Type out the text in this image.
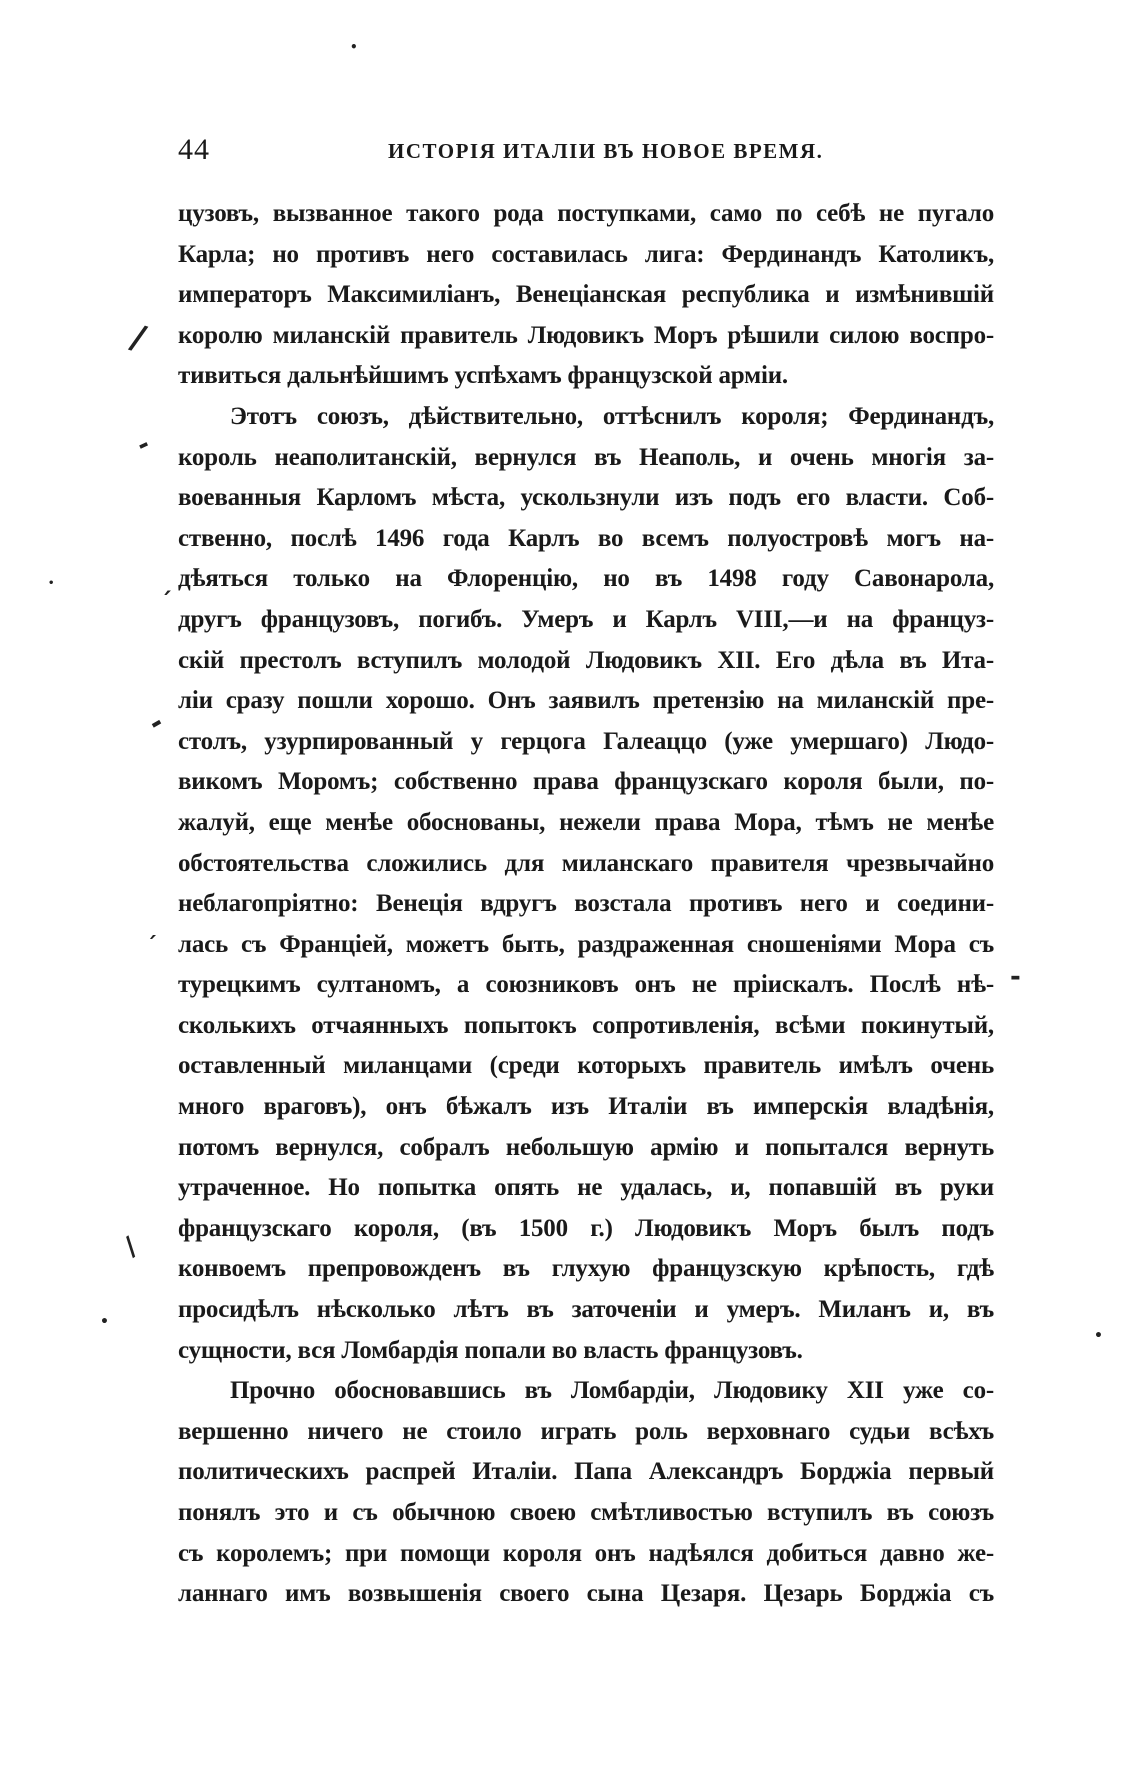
44	ИСТОРІЯ ИТАЛІИ ВЪ НОВОЕ ВРЕМЯ.
цузовъ, вызванное такого рода поступками, само по себѣ не пугало
Карла; но противъ него составилась лига: Фердинандъ Католикъ,
императоръ Максимиліанъ, Венеціанская республика и измѣнившій
королю миланскій правитель Людовикъ Моръ рѣшили силою воспро-
тивиться дальнѣйшимъ успѣхамъ французской арміи.
Этотъ союзъ, дѣйствительно, оттѣснилъ короля; Фердинандъ,
король неаполитанскій, вернулся въ Неаполь, и очень многія за-
воеванныя Карломъ мѣста, ускользнули изъ подъ его власти. Соб-
ственно, послѣ 1496 года Карлъ во всемъ полуостровѣ могъ на-
дѣяться только на Флоренцію, но въ 1498 году Савонарола,
другъ французовъ, погибъ. Умеръ и Карлъ VIII,—и на француз-
скій престолъ вступилъ молодой Людовикъ XII. Его дѣла въ Ита-
ліи сразу пошли хорошо. Онъ заявилъ претензію на миланскій пре-
столъ, узурпированный у герцога Галеаццо (уже умершаго) Людо-
викомъ Моромъ; собственно права французскаго короля были, по-
жалуй, еще менѣе обоснованы, нежели права Мора, тѣмъ не менѣе
обстоятельства сложились для миланскаго правителя чрезвычайно
неблагопріятно: Венеція вдругъ возстала противъ него и соедини-
лась съ Франціей, можетъ быть, раздраженная сношеніями Мора съ
турецкимъ султаномъ, а союзниковъ онъ не пріискалъ. Послѣ нѣ-
сколькихъ отчаянныхъ попытокъ сопротивленія, всѣми покинутый,
оставленный миланцами (среди которыхъ правитель имѣлъ очень
много враговъ), онъ бѣжалъ изъ Италіи въ имперскія владѣнія,
потомъ вернулся, собралъ небольшую армію и попытался вернуть
утраченное. Но попытка опять не удалась, и, попавшій въ руки
французскаго короля, (въ 1500 г.) Людовикъ Моръ былъ подъ
конвоемъ препровожденъ въ глухую французскую крѣпость, гдѣ
просидѣлъ нѣсколько лѣтъ въ заточеніи и умеръ. Миланъ и, въ
сущности, вся Ломбардія попали во власть французовъ.
Прочно обосновавшись въ Ломбардіи, Людовику XII уже со-
вершенно ничего не стоило играть роль верховнаго судьи всѣхъ
политическихъ распрей Италіи. Папа Александръ Борджіа первый
понялъ это и съ обычною своею смѣтливостью вступилъ въ союзъ
съ королемъ; при помощи короля онъ надѣялся добиться давно же-
ланнаго имъ возвышенія своего сына Цезаря. Цезарь Борджіа съ
/
-
´
-
´
-
/
•
•
•
•
